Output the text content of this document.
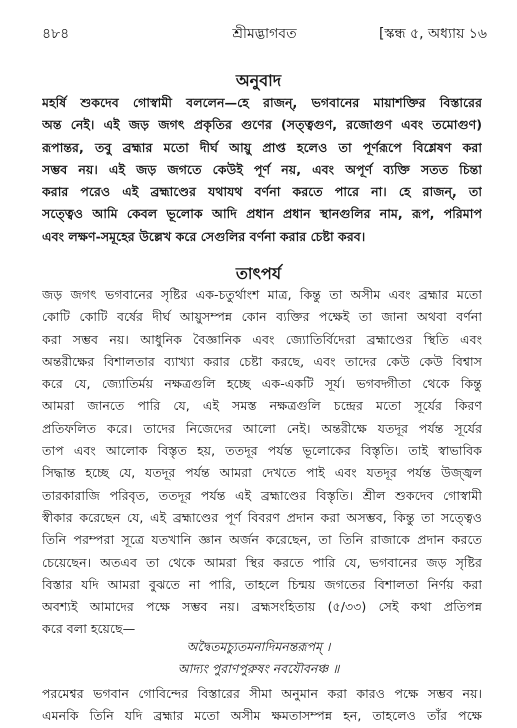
৪৮৪	শ্রীমদ্ভাগবত	[স্কন্ধ ৫, অধ্যায় ১৬
অনুবাদ
মহর্ষি শুকদেব গোস্বামী বললেন—হে রাজন্‌, ভগবানের মায়াশক্তির বিস্তারের
অন্ত নেই। এই জড় জগৎ প্রকৃতির গুণের (সত্ত্বগুণ, রজোগুণ এবং তমোগুণ)
রূপান্তর, তবু ব্রহ্মার মতো দীর্ঘ আয়ু প্রাপ্ত হলেও তা পূর্ণরূপে বিশ্লেষণ করা
সম্ভব নয়। এই জড় জগতে কেউই পূর্ণ নয়, এবং অপূর্ণ ব্যক্তি সতত চিন্তা
করার পরেও এই ব্রহ্মাণ্ডের যথাযথ বর্ণনা করতে পারে না। হে রাজন্‌, তা
সত্ত্বেও আমি কেবল ভূলোক আদি প্রধান প্রধান স্থানগুলির নাম, রূপ, পরিমাপ
এবং লক্ষণ-সমূহের উল্লেখ করে সেগুলির বর্ণনা করার চেষ্টা করব।
তাৎপর্য
জড় জগৎ ভগবানের সৃষ্টির এক-চতুর্থাংশ মাত্র, কিন্তু তা অসীম এবং ব্রহ্মার মতো
কোটি কোটি বর্ষের দীর্ঘ আয়ুসম্পন্ন কোন ব্যক্তির পক্ষেই তা জানা অথবা বর্ণনা
করা সম্ভব নয়। আধুনিক বৈজ্ঞানিক এবং জ্যোতির্বিদেরা ব্রহ্মাণ্ডের স্থিতি এবং
অন্তরীক্ষের বিশালতার ব্যাখ্যা করার চেষ্টা করছে, এবং তাদের কেউ কেউ বিশ্বাস
করে যে, জ্যোতির্ময় নক্ষত্রগুলি হচ্ছে এক-একটি সূর্য। ভগবদ্গীতা থেকে কিন্তু
আমরা জানতে পারি যে, এই সমস্ত নক্ষত্রগুলি চন্দ্রের মতো সূর্যের কিরণ
প্রতিফলিত করে। তাদের নিজেদের আলো নেই। অন্তরীক্ষে যতদূর পর্যন্ত সূর্যের
তাপ এবং আলোক বিস্তৃত হয়, ততদূর পর্যন্ত ভূলোকের বিস্তৃতি। তাই স্বাভাবিক
সিদ্ধান্ত হচ্ছে যে, যতদূর পর্যন্ত আমরা দেখতে পাই এবং যতদূর পর্যন্ত উজ্জ্বল
তারকারাজি পরিবৃত, ততদূর পর্যন্ত এই ব্রহ্মাণ্ডের বিস্তৃতি। শ্রীল শুকদেব গোস্বামী
স্বীকার করেছেন যে, এই ব্রহ্মাণ্ডের পূর্ণ বিবরণ প্রদান করা অসম্ভব, কিন্তু তা সত্ত্বেও
তিনি পরম্পরা সূত্রে যতখানি জ্ঞান অর্জন করেছেন, তা তিনি রাজাকে প্রদান করতে
চেয়েছেন। অতএব তা থেকে আমরা স্থির করতে পারি যে, ভগবানের জড় সৃষ্টির
বিস্তার যদি আমরা বুঝতে না পারি, তাহলে চিন্ময় জগতের বিশালতা নির্ণয় করা
অবশ্যই আমাদের পক্ষে সম্ভব নয়। ব্রহ্মসংহিতায় (৫/৩৩) সেই কথা প্রতিপন্ন
করে বলা হয়েছে—
অদ্বৈতমচ্যুতমনাদিমনন্তরূপম্‌ ।
আদ্যং পুরাণপুরুষং নবযৌবনঞ্চ ॥
পরমেশ্বর ভগবান গোবিন্দের বিস্তারের সীমা অনুমান করা কারও পক্ষে সম্ভব নয়।
এমনকি তিনি যদি ব্রহ্মার মতো অসীম ক্ষমতাসম্পন্ন হন, তাহলেও তাঁর পক্ষে
